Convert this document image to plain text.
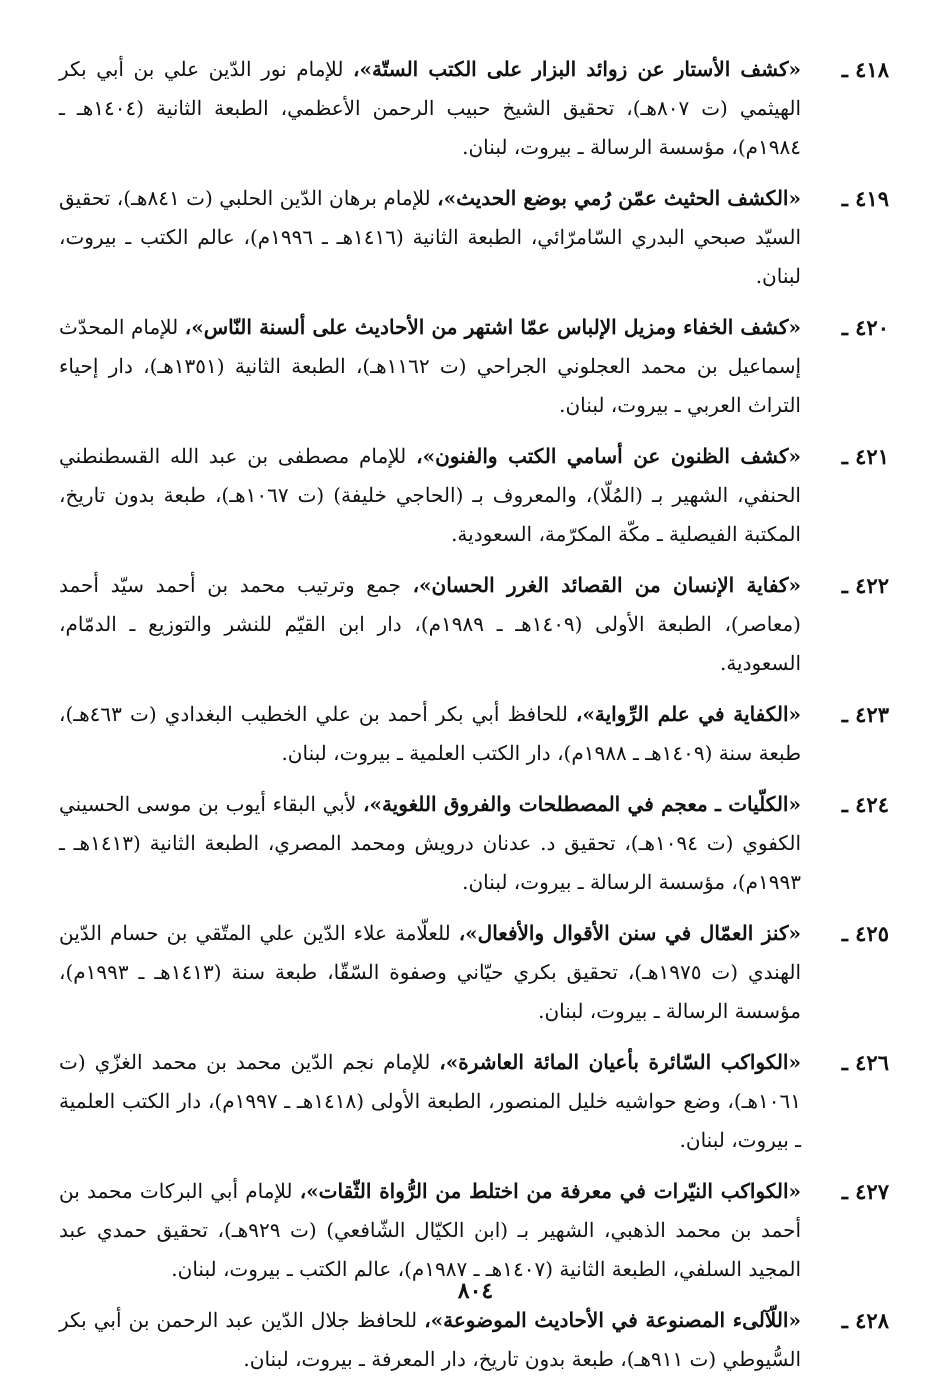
٤١٨ ـ
«كشف الأستار عن زوائد البزار على الكتب الستّة»، للإمام نور الدّين علي بن أبي بكر الهيثمي (ت ٨٠٧هـ)، تحقيق الشيخ حبيب الرحمن الأعظمي، الطبعة الثانية (١٤٠٤هـ ـ ١٩٨٤م)، مؤسسة الرسالة ـ بيروت، لبنان.
٤١٩ ـ
«الكشف الحثيث عمّن رُمي بوضع الحديث»، للإمام برهان الدّين الحلبي (ت ٨٤١هـ)، تحقيق السيّد صبحي البدري السّامرّائي، الطبعة الثانية (١٤١٦هـ ـ ١٩٩٦م)، عالم الكتب ـ بيروت، لبنان.
٤٢٠ ـ
«كشف الخفاء ومزيل الإلباس عمّا اشتهر من الأحاديث على ألسنة النّاس»، للإمام المحدّث إسماعيل بن محمد العجلوني الجراحي (ت ١١٦٢هـ)، الطبعة الثانية (١٣٥١هـ)، دار إحياء التراث العربي ـ بيروت، لبنان.
٤٢١ ـ
«كشف الظنون عن أسامي الكتب والفنون»، للإمام مصطفى بن عبد الله القسطنطني الحنفي، الشهير بـ (المُلّا)، والمعروف بـ (الحاجي خليفة) (ت ١٠٦٧هـ)، طبعة بدون تاريخ، المكتبة الفيصلية ـ مكّة المكرّمة، السعودية.
٤٢٢ ـ
«كفاية الإنسان من القصائد الغرر الحسان»، جمع وترتيب محمد بن أحمد سيّد أحمد (معاصر)، الطبعة الأولى (١٤٠٩هـ ـ ١٩٨٩م)، دار ابن القيّم للنشر والتوزيع ـ الدمّام، السعودية.
٤٢٣ ـ
«الكفاية في علم الرِّواية»، للحافظ أبي بكر أحمد بن علي الخطيب البغدادي (ت ٤٦٣هـ)، طبعة سنة (١٤٠٩هـ ـ ١٩٨٨م)، دار الكتب العلمية ـ بيروت، لبنان.
٤٢٤ ـ
«الكلّيات ـ معجم في المصطلحات والفروق اللغوية»، لأبي البقاء أيوب بن موسى الحسيني الكفوي (ت ١٠٩٤هـ)، تحقيق د. عدنان درويش ومحمد المصري، الطبعة الثانية (١٤١٣هـ ـ ١٩٩٣م)، مؤسسة الرسالة ـ بيروت، لبنان.
٤٢٥ ـ
«كنز العمّال في سنن الأقوال والأفعال»، للعلّامة علاء الدّين علي المتّقي بن حسام الدّين الهندي (ت ١٩٧٥هـ)، تحقيق بكري حيّاني وصفوة السّقّا، طبعة سنة (١٤١٣هـ ـ ١٩٩٣م)، مؤسسة الرسالة ـ بيروت، لبنان.
٤٢٦ ـ
«الكواكب السّائرة بأعيان المائة العاشرة»، للإمام نجم الدّين محمد بن محمد الغزّي (ت ١٠٦١هـ)، وضع حواشيه خليل المنصور، الطبعة الأولى (١٤١٨هـ ـ ١٩٩٧م)، دار الكتب العلمية ـ بيروت، لبنان.
٤٢٧ ـ
«الكواكب النيّرات في معرفة من اختلط من الرُّواة الثّقات»، للإمام أبي البركات محمد بن أحمد بن محمد الذهبي، الشهير بـ (ابن الكيّال الشّافعي) (ت ٩٢٩هـ)، تحقيق حمدي عبد المجيد السلفي، الطبعة الثانية (١٤٠٧هـ ـ ١٩٨٧م)، عالم الكتب ـ بيروت، لبنان.
٤٢٨ ـ
«اللّآلىء المصنوعة في الأحاديث الموضوعة»، للحافظ جلال الدّين عبد الرحمن بن أبي بكر السُّيوطي (ت ٩١١هـ)، طبعة بدون تاريخ، دار المعرفة ـ بيروت، لبنان.
٨٠٤
